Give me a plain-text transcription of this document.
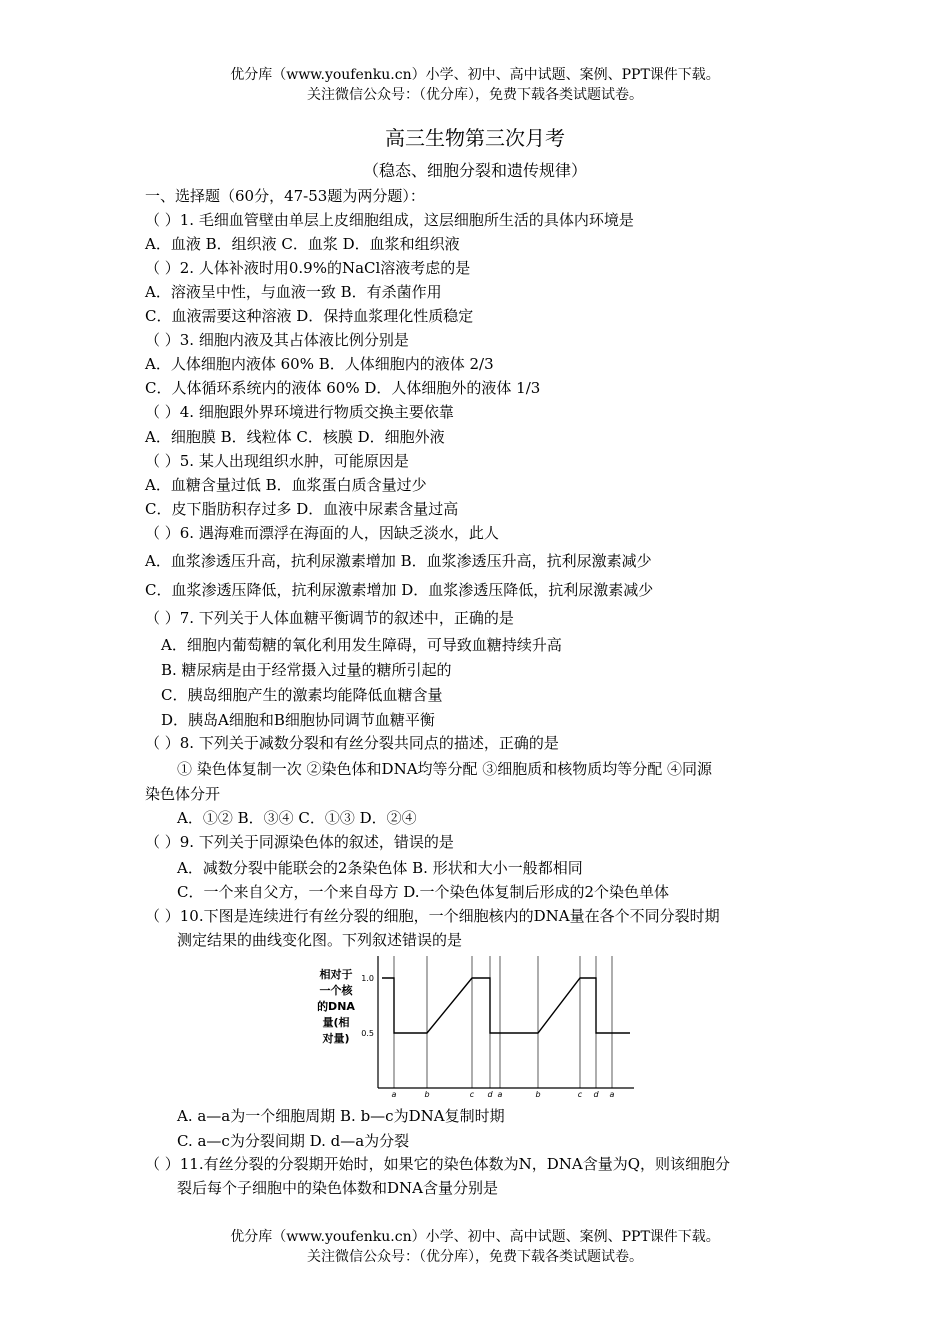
优分库（www.youfenku.cn）小学、初中、高中试题、案例、PPT课件下载。
关注微信公众号：（优分库），免费下载各类试题试卷。
高三生物第三次月考
（稳态、细胞分裂和遗传规律）
一、选择题（60分，47-53题为两分题）：
（ ）1. 毛细血管壁由单层上皮细胞组成，这层细胞所生活的具体内环境是
A．血液 B．组织液 C．血浆 D．血浆和组织液
（ ）2. 人体补液时用0.9%的NaCl溶液考虑的是
A．溶液呈中性，与血液一致 B．有杀菌作用
C．血液需要这种溶液 D．保持血浆理化性质稳定
（ ）3. 细胞内液及其占体液比例分别是
A．人体细胞内液体 60% B．人体细胞内的液体 2/3
C．人体循环系统内的液体 60% D．人体细胞外的液体 1/3
（ ）4. 细胞跟外界环境进行物质交换主要依靠
A．细胞膜 B．线粒体 C．核膜 D．细胞外液
（ ）5. 某人出现组织水肿，可能原因是
A．血糖含量过低 B．血浆蛋白质含量过少
C．皮下脂肪积存过多 D．血液中尿素含量过高
（ ）6. 遇海难而漂浮在海面的人，因缺乏淡水，此人
A．血浆渗透压升高，抗利尿激素增加 B．血浆渗透压升高，抗利尿激素减少
C．血浆渗透压降低，抗利尿激素增加 D．血浆渗透压降低，抗利尿激素减少
（ ）7. 下列关于人体血糖平衡调节的叙述中，正确的是
A．细胞内葡萄糖的氧化利用发生障碍，可导致血糖持续升高
B. 糖尿病是由于经常摄入过量的糖所引起的
C．胰岛细胞产生的激素均能降低血糖含量
D．胰岛A细胞和B细胞协同调节血糖平衡
（ ）8. 下列关于减数分裂和有丝分裂共同点的描述，正确的是
① 染色体复制一次 ②染色体和DNA均等分配 ③细胞质和核物质均等分配 ④同源
染色体分开
A．①② B．③④ C．①③ D．②④
（ ）9. 下列关于同源染色体的叙述，错误的是
A．减数分裂中能联会的2条染色体 B. 形状和大小一般都相同
C．一个来自父方，一个来自母方 D.一个染色体复制后形成的2个染色单体
（ ）10.下图是连续进行有丝分裂的细胞，一个细胞核内的DNA量在各个不同分裂时期
测定结果的曲线变化图。下列叙述错误的是
相对于
一个核
的DNA
量(相
对量)
1.0
0.5
a	b	c d a	b	c d a
A. a—a为一个细胞周期 B. b—c为DNA复制时期
C. a—c为分裂间期 D. d—a为分裂
（ ）11.有丝分裂的分裂期开始时，如果它的染色体数为N，DNA含量为Q，则该细胞分
裂后每个子细胞中的染色体数和DNA含量分别是
优分库（www.youfenku.cn）小学、初中、高中试题、案例、PPT课件下载。
关注微信公众号：（优分库），免费下载各类试题试卷。
